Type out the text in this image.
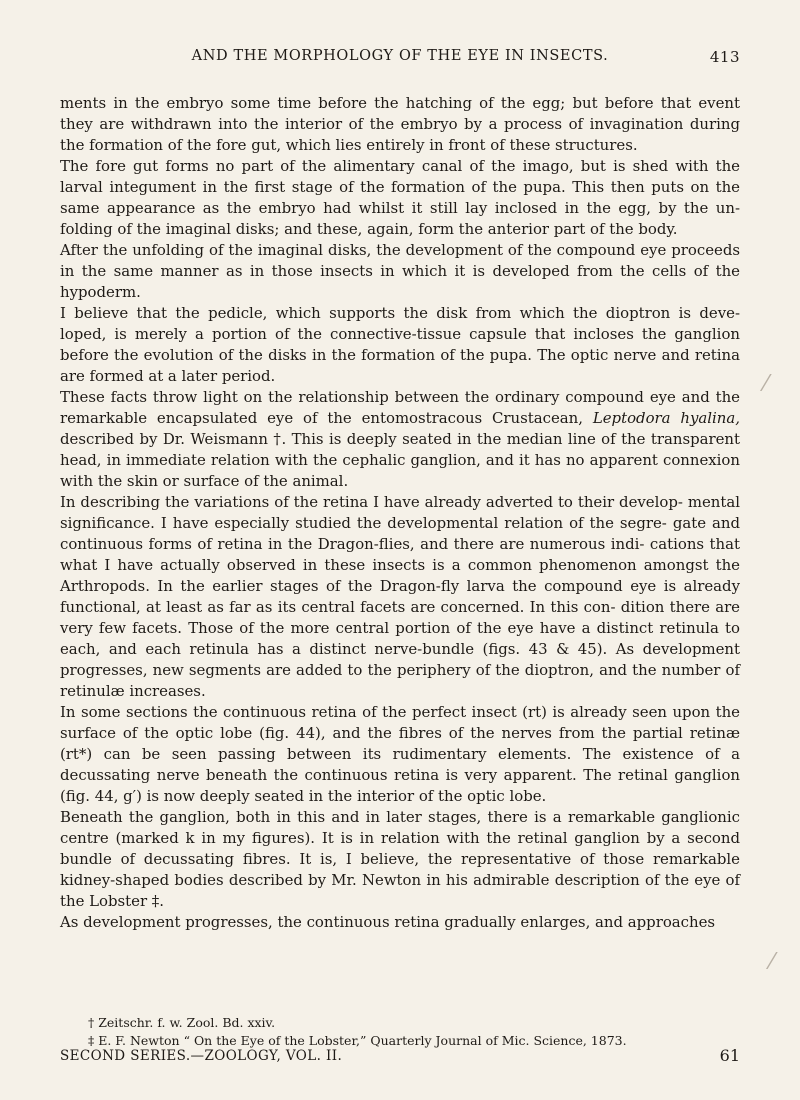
AND THE MORPHOLOGY OF THE EYE IN INSECTS.	413

ments in the embryo some time before the hatching of the egg; but before that event they are withdrawn into the interior of the embryo by a process of invagination during the formation of the fore gut, which lies entirely in front of these structures.

The fore gut forms no part of the alimentary canal of the imago, but is shed with the larval integument in the first stage of the formation of the pupa. This then puts on the same appearance as the embryo had whilst it still lay inclosed in the egg, by the un- folding of the imaginal disks; and these, again, form the anterior part of the body.

After the unfolding of the imaginal disks, the development of the compound eye proceeds in the same manner as in those insects in which it is developed from the cells of the hypoderm.

I believe that the pedicle, which supports the disk from which the dioptron is deve- loped, is merely a portion of the connective-tissue capsule that incloses the ganglion before the evolution of the disks in the formation of the pupa. The optic nerve and retina are formed at a later period.

These facts throw light on the relationship between the ordinary compound eye and the remarkable encapsulated eye of the entomostracous Crustacean, Leptodora hyalina, described by Dr. Weismann †. This is deeply seated in the median line of the transparent head, in immediate relation with the cephalic ganglion, and it has no apparent connexion with the skin or surface of the animal.

In describing the variations of the retina I have already adverted to their develop- mental significance. I have especially studied the developmental relation of the segre- gate and continuous forms of retina in the Dragon-flies, and there are numerous indi- cations that what I have actually observed in these insects is a common phenomenon amongst the Arthropods. In the earlier stages of the Dragon-fly larva the compound eye is already functional, at least as far as its central facets are concerned. In this con- dition there are very few facets. Those of the more central portion of the eye have a distinct retinula to each, and each retinula has a distinct nerve-bundle (figs. 43 & 45). As development progresses, new segments are added to the periphery of the dioptron, and the number of retinulæ increases.

In some sections the continuous retina of the perfect insect (rt) is already seen upon the surface of the optic lobe (fig. 44), and the fibres of the nerves from the partial retinæ (rt*) can be seen passing between its rudimentary elements. The existence of a decussating nerve beneath the continuous retina is very apparent. The retinal ganglion (fig. 44, g′) is now deeply seated in the interior of the optic lobe.

Beneath the ganglion, both in this and in later stages, there is a remarkable ganglionic centre (marked k in my figures). It is in relation with the retinal ganglion by a second bundle of decussating fibres. It is, I believe, the representative of those remarkable kidney-shaped bodies described by Mr. Newton in his admirable description of the eye of the Lobster ‡.

As development progresses, the continuous retina gradually enlarges, and approaches

† Zeitschr. f. w. Zool. Bd. xxiv.

‡ E. F. Newton “ On the Eye of the Lobster,” Quarterly Journal of Mic. Science, 1873.

SECOND SERIES.—ZOOLOGY, VOL. II.	61
⁄
⁄
